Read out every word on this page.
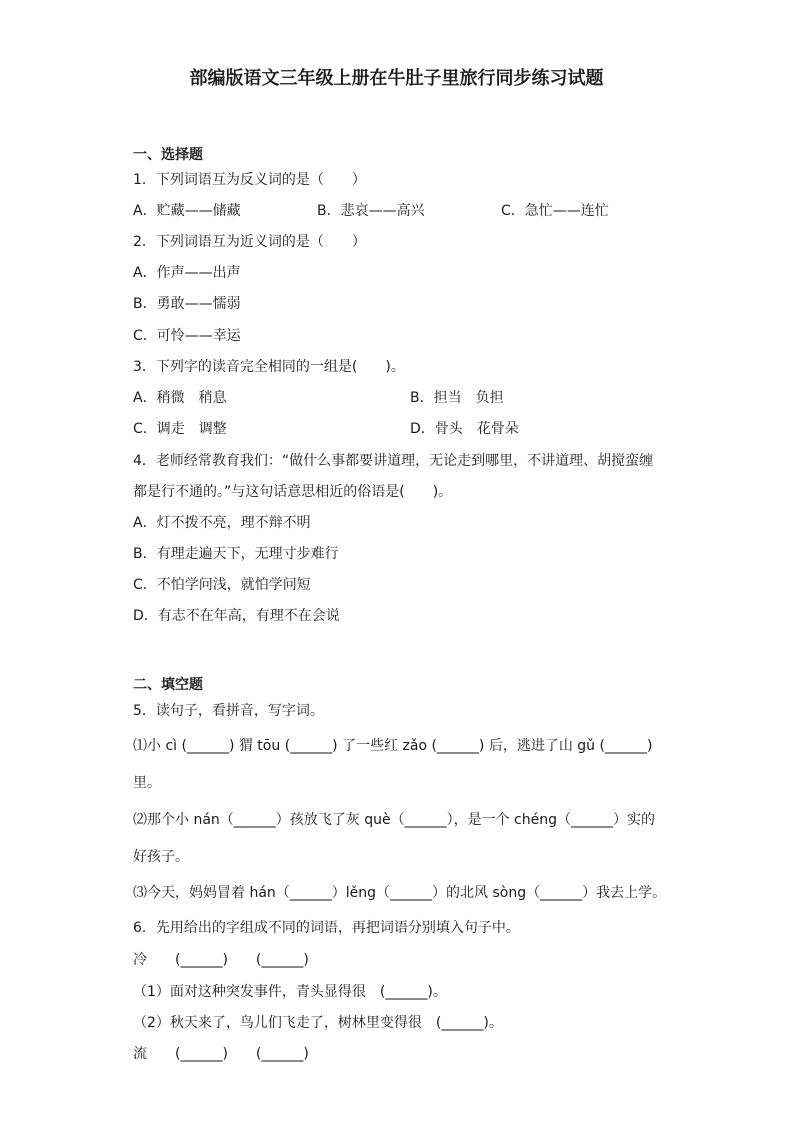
部编版语文三年级上册在牛肚子里旅行同步练习试题
一、选择题
1．下列词语互为反义词的是（　　）
A．贮藏——储藏	B．悲哀——高兴	C．急忙——连忙
2．下列词语互为近义词的是（　　）
A．作声——出声
B．勇敢——懦弱
C．可怜——幸运
3．下列字的读音完全相同的一组是(　　)。
A．稍微　稍息	B．担当　负担
C．调走　调整	D．骨头　花骨朵
4．老师经常教育我们：“做什么事都要讲道理，无论走到哪里，不讲道理、胡搅蛮缠
都是行不通的。”与这句话意思相近的俗语是(　　)。
A．灯不拨不亮，理不辩不明
B．有理走遍天下，无理寸步难行
C．不怕学问浅，就怕学问短
D．有志不在年高，有理不在会说
二、填空题
5．读句子，看拼音，写字词。
⑴小 cì (______) 猬 tōu (______) 了一些红 zǎo (______) 后，逃进了山 gǔ (______)
里。
⑵那个小 nán（______）孩放飞了灰 què（______），是一个 chéng（______）实的
好孩子。
⑶今天，妈妈冒着 hán（______）lěng（______）的北风 sòng（______）我去上学。
6．先用给出的字组成不同的词语，再把词语分别填入句子中。
冷　　(______)　　(______)
（1）面对这种突发事件，青头显得很　(______)。
（2）秋天来了，鸟儿们飞走了，树林里变得很　(______)。
流　　(______)　　(______)
